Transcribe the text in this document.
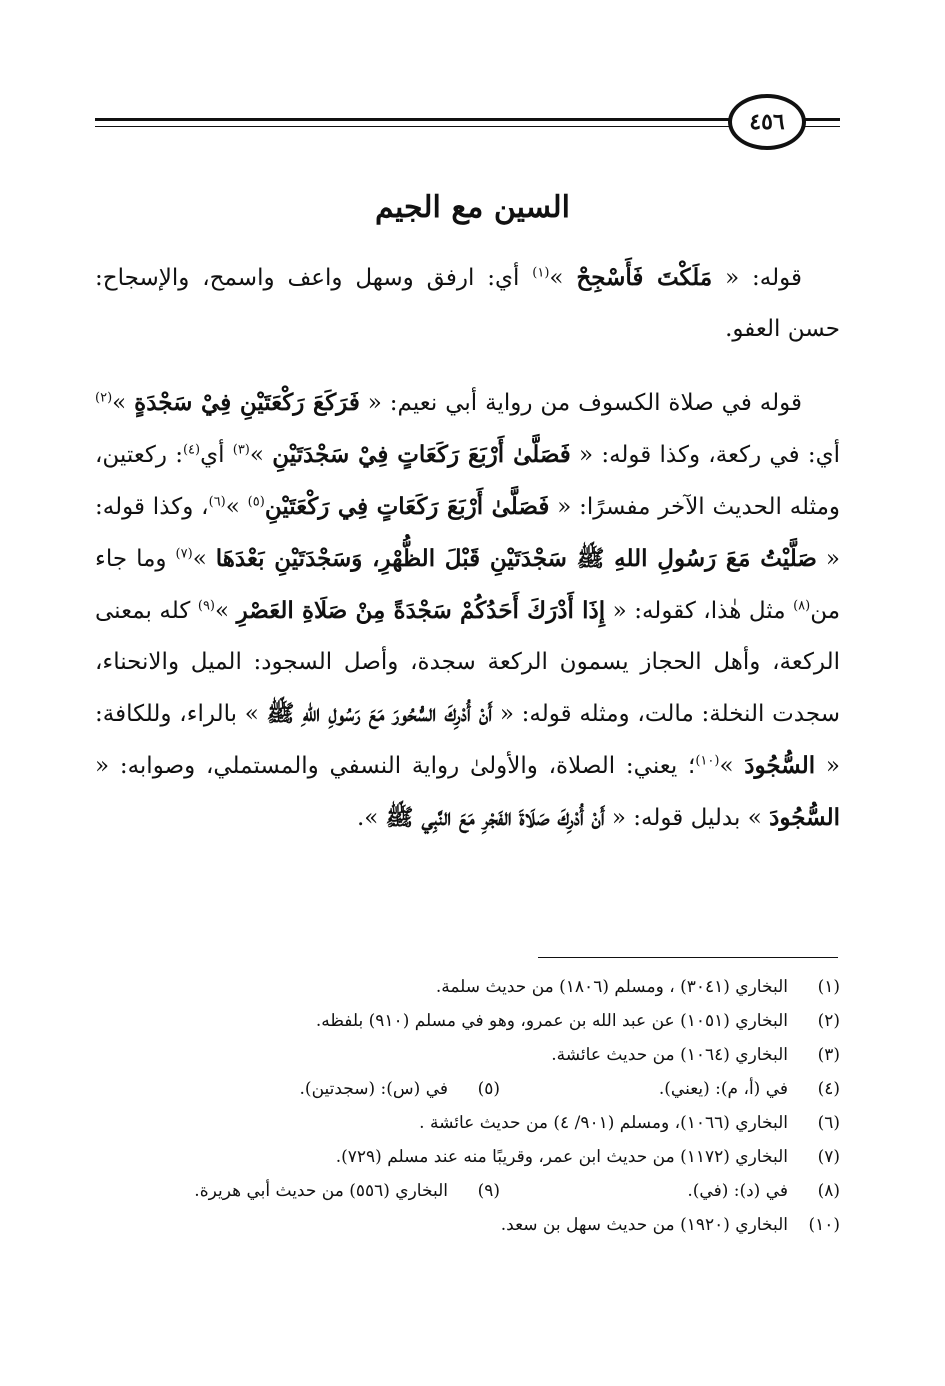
٤٥٦
السين مع الجيم

قوله: « مَلَكْتَ فَأَسْجِحْ »$^{(١)}$ أي: ارفق وسهل واعف واسمح، والإسجاح: حسن العفو.

قوله في صلاة الكسوف من رواية أبي نعيم: « فَرَكَعَ رَكْعَتَيْنِ فِيْ سَجْدَةٍ »$^{(٢)}$ أي: في ركعة، وكذا قوله: « فَصَلَّىٰ أَرْبَعَ رَكَعَاتٍ فِيْ سَجْدَتَيْنِ »$^{(٣)}$ أي$^{(٤)}$: ركعتين، ومثله الحديث الآخر مفسرًا: « فَصَلَّىٰ أَرْبَعَ رَكَعَاتٍ فِي رَكْعَتَيْنِ$^{(٥)}$ »$^{(٦)}$، وكذا قوله: « صَلَّيْتُ مَعَ رَسُولِ اللهِ ﷺ سَجْدَتَيْنِ قَبْلَ الظُّهْرِ، وَسَجْدَتَيْنِ بَعْدَهَا »$^{(٧)}$ وما جاء من$^{(٨)}$ مثل هٰذا، كقوله: « إِذَا أَدْرَكَ أَحَدُكُمْ سَجْدَةً مِنْ صَلَاةِ العَصْرِ »$^{(٩)}$ كله بمعنى الركعة، وأهل الحجاز يسمون الركعة سجدة، وأصل السجود: الميل والانحناء، سجدت النخلة: مالت، ومثله قوله: « أَنْ أُدْرِكَ السُّحُورَ مَعَ رَسُولِ اللهِ ﷺ » بالراء، وللكافة: « السُّجُودَ »$^{(١٠)}$؛ يعني: الصلاة، والأولىٰ رواية النسفي والمستملي، وصوابه: « السُّجُودَ » بدليل قوله: « أَنْ أُدْرِكَ صَلَاةَ الفَجْرِ مَعَ النَّبِي ﷺ ».

(١)
البخاري (٣٠٤١) ، ومسلم (١٨٠٦) من حديث سلمة.
(٢)
البخاري (١٠٥١) عن عبد الله بن عمرو، وهو في مسلم (٩١٠) بلفظه.
(٣)
البخاري (١٠٦٤) من حديث عائشة.
(٤)
في (أ، م): (يعني).
(٥)
في (س): (سجدتين).
(٦)
البخاري (١٠٦٦)، ومسلم (٩٠١/ ٤) من حديث عائشة .
(٧)
البخاري (١١٧٢) من حديث ابن عمر، وقريبًا منه عند مسلم (٧٢٩).
(٨)
في (د): (في).
(٩)
البخاري (٥٥٦) من حديث أبي هريرة.
(١٠)
البخاري (١٩٢٠) من حديث سهل بن سعد.
